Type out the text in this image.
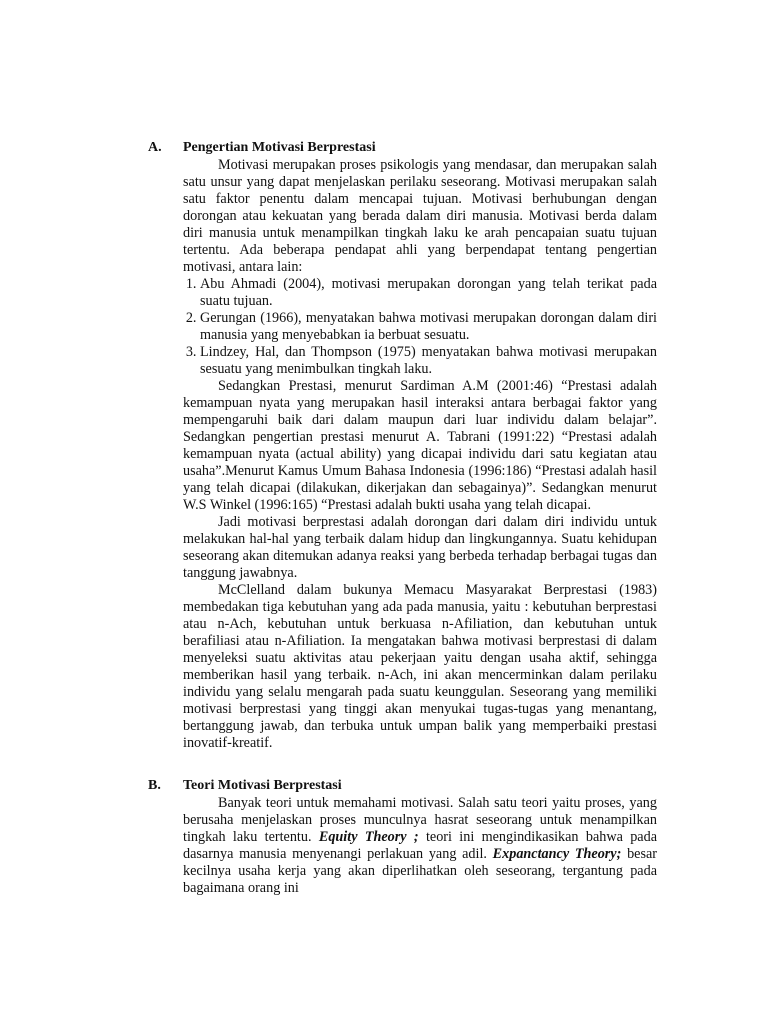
A. Pengertian Motivasi Berprestasi

Motivasi merupakan proses psikologis yang mendasar, dan merupakan salah satu unsur yang dapat menjelaskan perilaku seseorang. Motivasi merupakan salah satu faktor penentu dalam mencapai tujuan. Motivasi berhubungan dengan dorongan atau kekuatan yang berada dalam diri manusia. Motivasi berda dalam diri manusia untuk menampilkan tingkah laku ke arah pencapaian suatu tujuan tertentu. Ada beberapa pendapat ahli yang berpendapat tentang pengertian motivasi, antara lain:

1. Abu Ahmadi (2004), motivasi merupakan dorongan yang telah terikat pada suatu tujuan.
2. Gerungan (1966), menyatakan bahwa motivasi merupakan dorongan dalam diri manusia yang menyebabkan ia berbuat sesuatu.
3. Lindzey, Hal, dan Thompson (1975) menyatakan bahwa motivasi merupakan sesuatu yang menimbulkan tingkah laku.

Sedangkan Prestasi, menurut Sardiman A.M (2001:46) “Prestasi adalah kemampuan nyata yang merupakan hasil interaksi antara berbagai faktor yang mempengaruhi baik dari dalam maupun dari luar individu dalam belajar”. Sedangkan pengertian prestasi menurut A. Tabrani (1991:22) “Prestasi adalah kemampuan nyata (actual ability) yang dicapai individu dari satu kegiatan atau usaha”.Menurut Kamus Umum Bahasa Indonesia (1996:186) “Prestasi adalah hasil yang telah dicapai (dilakukan, dikerjakan dan sebagainya)”. Sedangkan menurut W.S Winkel (1996:165) “Prestasi adalah bukti usaha yang telah dicapai.

Jadi motivasi berprestasi adalah dorongan dari dalam diri individu untuk melakukan hal-hal yang terbaik dalam hidup dan lingkungannya. Suatu kehidupan seseorang akan ditemukan adanya reaksi yang berbeda terhadap berbagai tugas dan tanggung jawabnya.

McClelland dalam bukunya Memacu Masyarakat Berprestasi (1983) membedakan tiga kebutuhan yang ada pada manusia, yaitu : kebutuhan berprestasi atau n-Ach, kebutuhan untuk berkuasa n-Afiliation, dan kebutuhan untuk berafiliasi atau n-Afiliation. Ia mengatakan bahwa motivasi berprestasi di dalam menyeleksi suatu aktivitas atau pekerjaan yaitu dengan usaha aktif, sehingga memberikan hasil yang terbaik. n-Ach, ini akan mencerminkan dalam perilaku individu yang selalu mengarah pada suatu keunggulan. Seseorang yang memiliki motivasi berprestasi yang tinggi akan menyukai tugas-tugas yang menantang, bertanggung jawab, dan terbuka untuk umpan balik yang memperbaiki prestasi inovatif-kreatif.

B. Teori Motivasi Berprestasi

Banyak teori untuk memahami motivasi. Salah satu teori yaitu proses, yang berusaha menjelaskan proses munculnya hasrat seseorang untuk menampilkan tingkah laku tertentu. Equity Theory ; teori ini mengindikasikan bahwa pada dasarnya manusia menyenangi perlakuan yang adil. Expanctancy Theory; besar kecilnya usaha kerja yang akan diperlihatkan oleh seseorang, tergantung pada bagaimana orang ini
